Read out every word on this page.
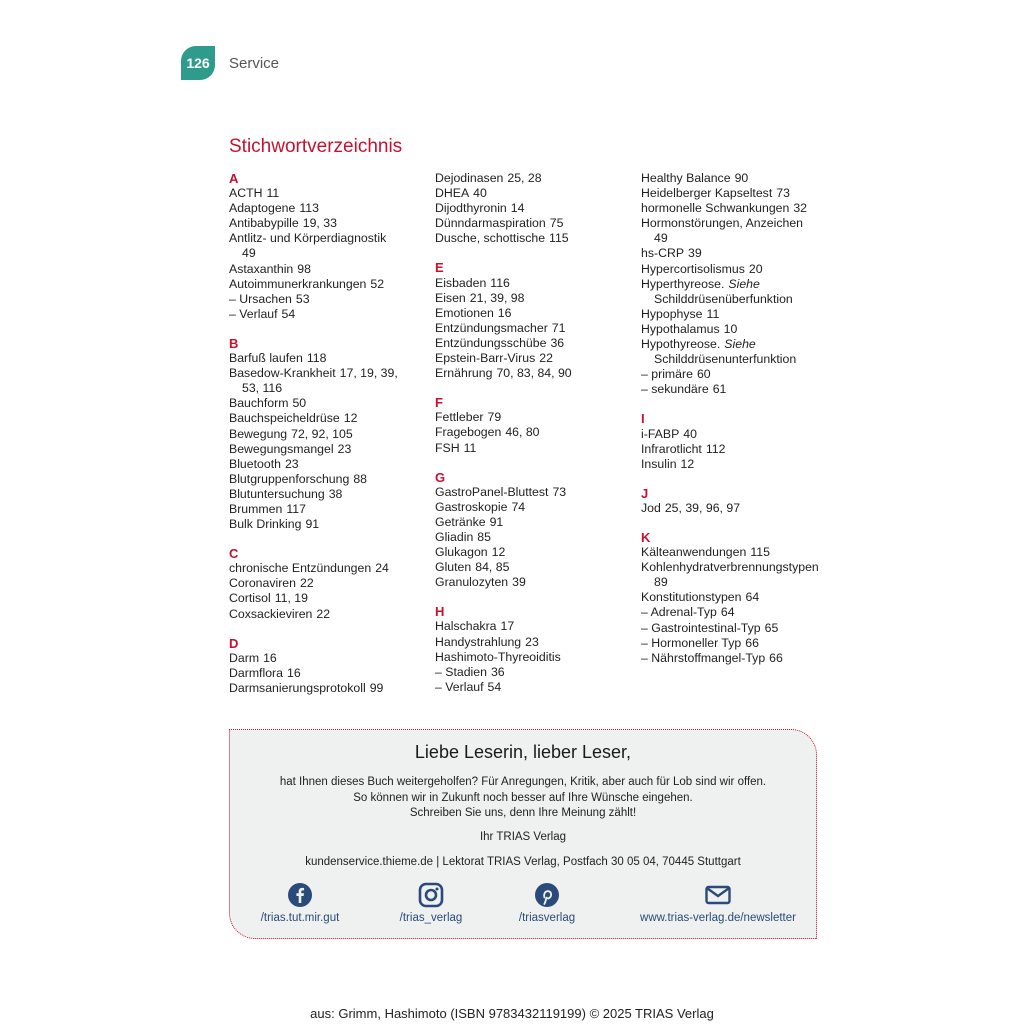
126	Service
Stichwortverzeichnis
A
ACTH 11
Adaptogene 113
Antibabypille 19, 33
Antlitz- und Körperdiagnostik
49
Astaxanthin 98
Autoimmunerkrankungen 52
– Ursachen 53
– Verlauf 54
B
Barfuß laufen 118
Basedow-Krankheit 17, 19, 39,
53, 116
Bauchform 50
Bauchspeicheldrüse 12
Bewegung 72, 92, 105
Bewegungsmangel 23
Bluetooth 23
Blutgruppenforschung 88
Blutuntersuchung 38
Brummen 117
Bulk Drinking 91
C
chronische Entzündungen 24
Coronaviren 22
Cortisol 11, 19
Coxsackieviren 22
D
Darm 16
Darmflora 16
Darmsanierungsprotokoll 99
Dejodinasen 25, 28
DHEA 40
Dijodthyronin 14
Dünndarmaspiration 75
Dusche, schottische 115
E
Eisbaden 116
Eisen 21, 39, 98
Emotionen 16
Entzündungsmacher 71
Entzündungsschübe 36
Epstein-Barr-Virus 22
Ernährung 70, 83, 84, 90
F
Fettleber 79
Fragebogen 46, 80
FSH 11
G
GastroPanel-Bluttest 73
Gastroskopie 74
Getränke 91
Gliadin 85
Glukagon 12
Gluten 84, 85
Granulozyten 39
H
Halschakra 17
Handystrahlung 23
Hashimoto-Thyreoiditis
– Stadien 36
– Verlauf 54
Healthy Balance 90
Heidelberger Kapseltest 73
hormonelle Schwankungen 32
Hormonstörungen, Anzeichen
49
hs-CRP 39
Hypercortisolismus 20
Hyperthyreose. Siehe
Schilddrüsenüberfunktion
Hypophyse 11
Hypothalamus 10
Hypothyreose. Siehe
Schilddrüsenunterfunktion
– primäre 60
– sekundäre 61
I
i-FABP 40
Infrarotlicht 112
Insulin 12
J
Jod 25, 39, 96, 97
K
Kälteanwendungen 115
Kohlenhydratverbrennungstypen
89
Konstitutionstypen 64
– Adrenal-Typ 64
– Gastrointestinal-Typ 65
– Hormoneller Typ 66
– Nährstoffmangel-Typ 66
Liebe Leserin, lieber Leser,
hat Ihnen dieses Buch weitergeholfen? Für Anregungen, Kritik, aber auch für Lob sind wir offen.
So können wir in Zukunft noch besser auf Ihre Wünsche eingehen.
Schreiben Sie uns, denn Ihre Meinung zählt!
Ihr TRIAS Verlag
kundenservice.thieme.de | Lektorat TRIAS Verlag, Postfach 30 05 04, 70445 Stuttgart
/trias.tut.mir.gut	/trias_verlag	/triasverlag	www.trias-verlag.de/newsletter
aus: Grimm, Hashimoto (ISBN 9783432119199) © 2025 TRIAS Verlag
